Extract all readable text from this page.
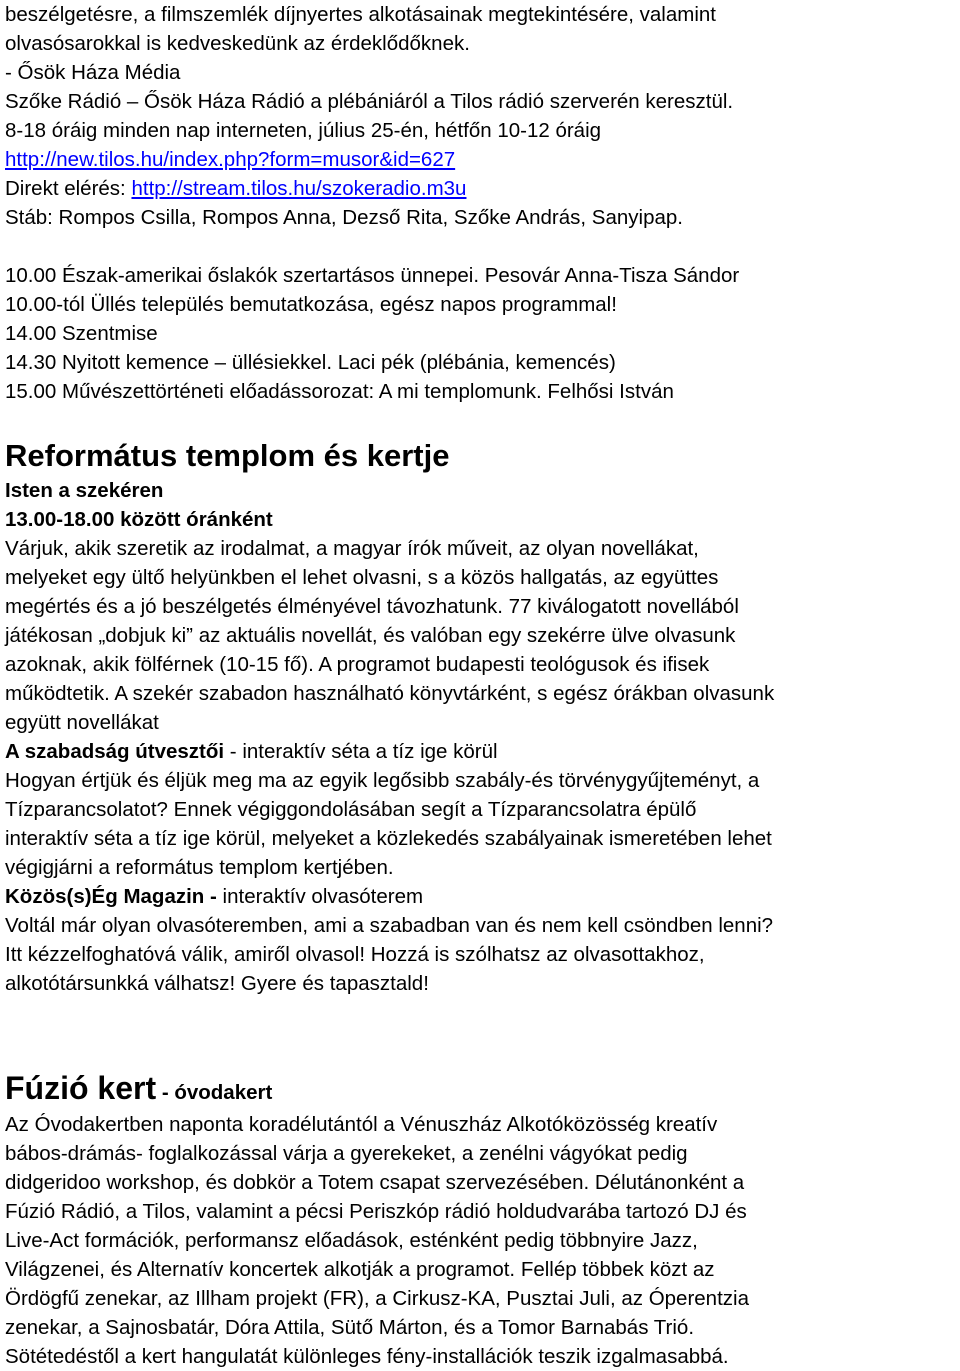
beszélgetésre, a filmszemlék díjnyertes alkotásainak megtekintésére, valamint
olvasósarokkal is kedveskedünk az érdeklődőknek.
- Ősök Háza Média
Szőke Rádió – Ősök Háza Rádió a plébániáról a Tilos rádió szerverén keresztül.
8-18 óráig minden nap interneten, július 25-én, hétfőn 10-12 óráig
http://new.tilos.hu/index.php?form=musor&id=627
Direkt elérés: http://stream.tilos.hu/szokeradio.m3u
Stáb: Rompos Csilla, Rompos Anna, Dezső Rita, Szőke András, Sanyipap.
10.00 Észak-amerikai őslakók szertartásos ünnepei. Pesovár Anna-Tisza Sándor
10.00-tól Üllés település bemutatkozása, egész napos programmal!
14.00 Szentmise
14.30 Nyitott kemence – üllésiekkel. Laci pék (plébánia, kemencés)
15.00 Művészettörténeti előadássorozat: A mi templomunk. Felhősi István
Református templom és kertje
Isten a szekéren
13.00-18.00 között óránként
Várjuk, akik szeretik az irodalmat, a magyar írók műveit, az olyan novellákat,
melyeket egy ültő helyünkben el lehet olvasni, s a közös hallgatás, az együttes
megértés és a jó beszélgetés élményével távozhatunk. 77 kiválogatott novellából
játékosan „dobjuk ki” az aktuális novellát, és valóban egy szekérre ülve olvasunk
azoknak, akik fölférnek (10-15 fő). A programot budapesti teológusok és ifisek
működtetik. A szekér szabadon használható könyvtárként, s egész órákban olvasunk
együtt novellákat
A szabadság útvesztői - interaktív séta a tíz ige körül
Hogyan értjük és éljük meg ma az egyik legősibb szabály-és törvénygyűjteményt, a
Tízparancsolatot? Ennek végiggondolásában segít a Tízparancsolatra épülő
interaktív séta a tíz ige körül, melyeket a közlekedés szabályainak ismeretében lehet
végigjárni a református templom kertjében.
Közös(s)Ég Magazin - interaktív olvasóterem
Voltál már olyan olvasóteremben, ami a szabadban van és nem kell csöndben lenni?
Itt kézzelfoghatóvá válik, amiről olvasol! Hozzá is szólhatsz az olvasottakhoz,
alkotótársunkká válhatsz! Gyere és tapasztald!
Fúzió kert - óvodakert
Az Óvodakertben naponta koradélutántól a Vénuszház Alkotóközösség kreatív
bábos-drámás- foglalkozással várja a gyerekeket, a zenélni vágyókat pedig
didgeridoo workshop, és dobkör a Totem csapat szervezésében. Délutánonként a
Fúzió Rádió, a Tilos, valamint a pécsi Periszkóp rádió holdudvarába tartozó DJ és
Live-Act formációk, performansz előadások, esténként pedig többnyire Jazz,
Világzenei, és Alternatív koncertek alkotják a programot. Fellép többek közt az
Ördögfű zenekar, az Illham projekt (FR), a Cirkusz-KA, Pusztai Juli, az Óperentzia
zenekar, a Sajnosbatár, Dóra Attila, Sütő Márton, és a Tomor Barnabás Trió.
Sötétedéstől a kert hangulatát különleges fény-installációk teszik izgalmasabbá.
